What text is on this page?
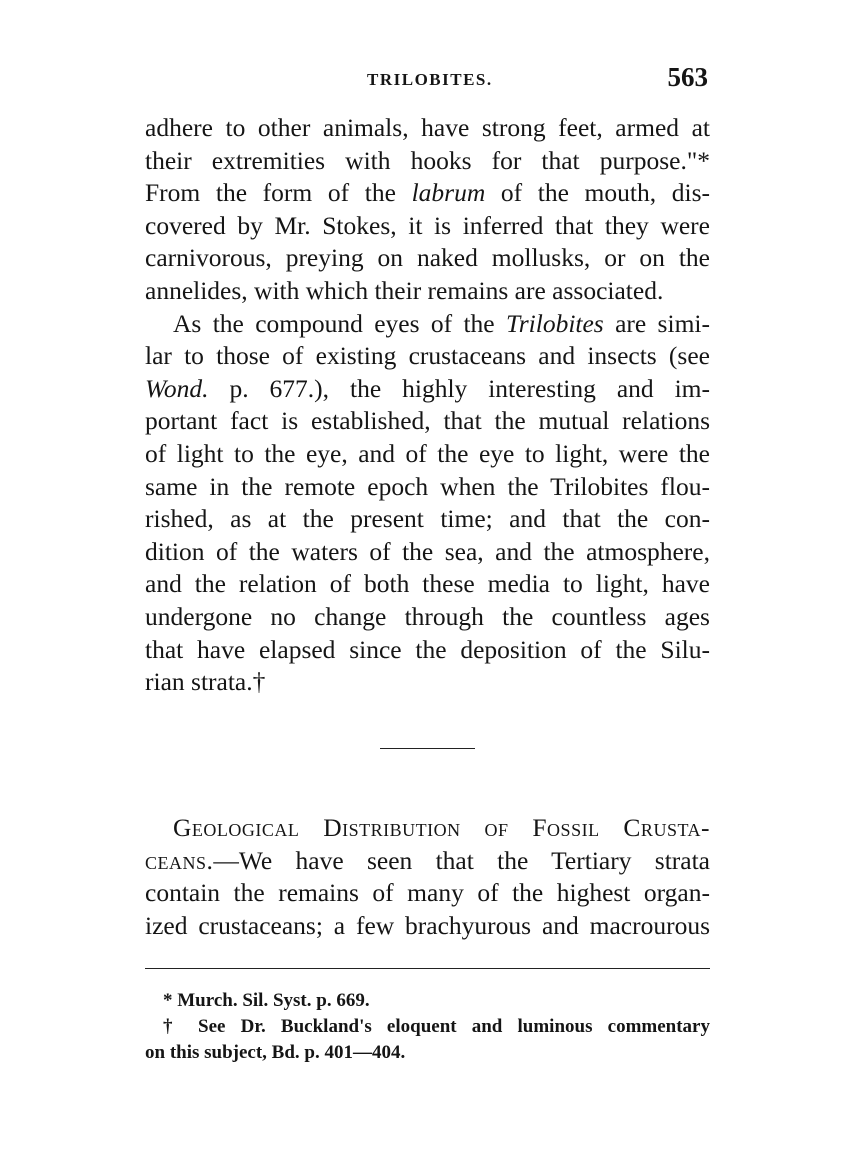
TRILOBITES.	563
adhere to other animals, have strong feet, armed at
their extremities with hooks for that purpose."*
From the form of the labrum of the mouth, dis-
covered by Mr. Stokes, it is inferred that they were
carnivorous, preying on naked mollusks, or on the
annelides, with which their remains are associated.
As the compound eyes of the Trilobites are simi-
lar to those of existing crustaceans and insects (see
Wond. p. 677.), the highly interesting and im-
portant fact is established, that the mutual relations
of light to the eye, and of the eye to light, were the
same in the remote epoch when the Trilobites flou-
rished, as at the present time; and that the con-
dition of the waters of the sea, and the atmosphere,
and the relation of both these media to light, have
undergone no change through the countless ages
that have elapsed since the deposition of the Silu-
rian strata.†
Geological Distribution of Fossil Crusta-
ceans.—We have seen that the Tertiary strata
contain the remains of many of the highest organ-
ized crustaceans; a few brachyurous and macrourous
* Murch. Sil. Syst. p. 669.
† See Dr. Buckland's eloquent and luminous commentary
on this subject, Bd. p. 401—404.
